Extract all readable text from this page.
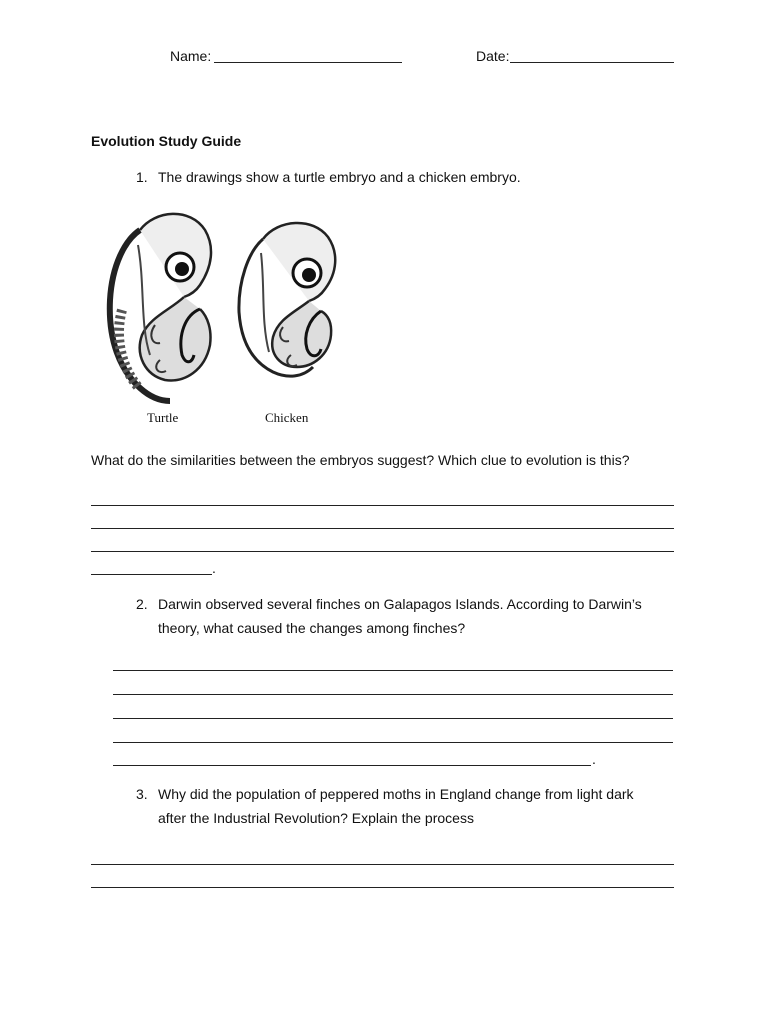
Name:	Date:
Evolution Study Guide
1. The drawings show a turtle embryo and a chicken embryo.
Turtle	Chicken
What do the similarities between the embryos suggest? Which clue to evolution is this?
.
2. Darwin observed several finches on Galapagos Islands. According to Darwin’s
theory, what caused the changes among finches?
.
3. Why did the population of peppered moths in England change from light dark
after the Industrial Revolution? Explain the process
